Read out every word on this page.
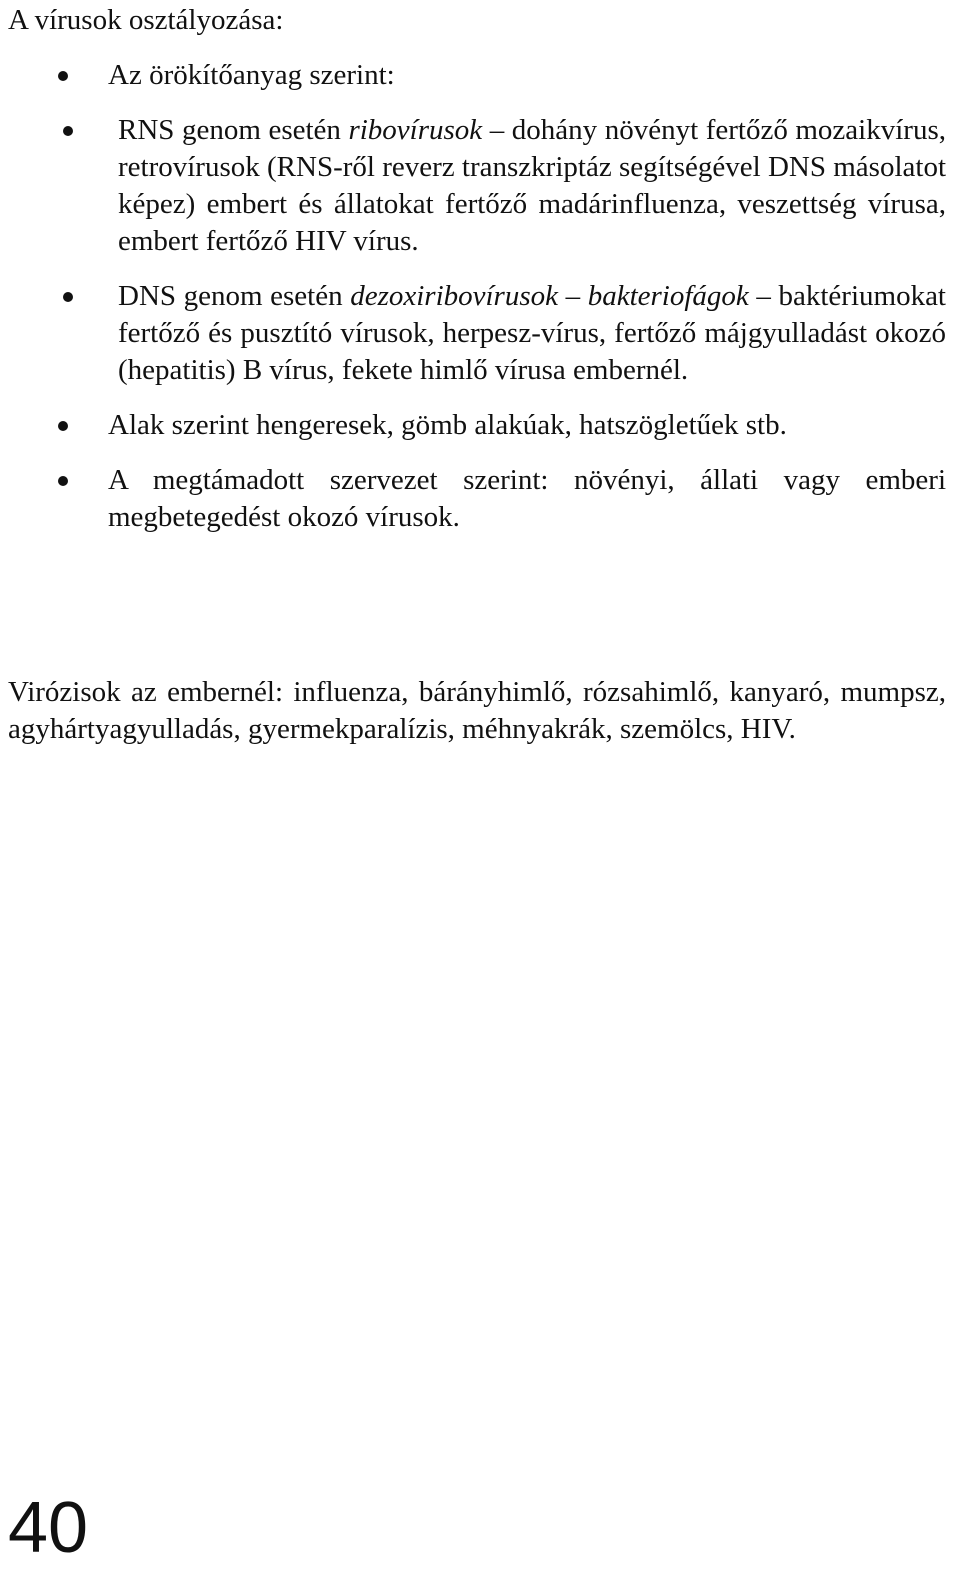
A vírusok osztályozása:

Az örökítőanyag szerint:
RNS genom esetén ribovírusok – dohány növényt fertőző mozaikvírus, retrovírusok (RNS-ről reverz transzkriptáz segítségével DNS másolatot képez) embert és állatokat fertőző madárinfluenza, veszettség vírusa, embert fertőző HIV vírus.
DNS genom esetén dezoxiribovírusok – bakteriofágok – baktériumokat fertőző és pusztító vírusok, herpesz-vírus, fertőző májgyulladást okozó (hepatitis) B vírus, fekete himlő vírusa embernél.
Alak szerint hengeresek, gömb alakúak, hatszögletűek stb.
A megtámadott szervezet szerint: növényi, állati vagy emberi megbetegedést okozó vírusok.

Virózisok az embernél: influenza, bárányhimlő, rózsahimlő, kanyaró, mumpsz, agyhártyagyulladás, gyermekparalízis, méhnyakrák, szemölcs, HIV.

40
